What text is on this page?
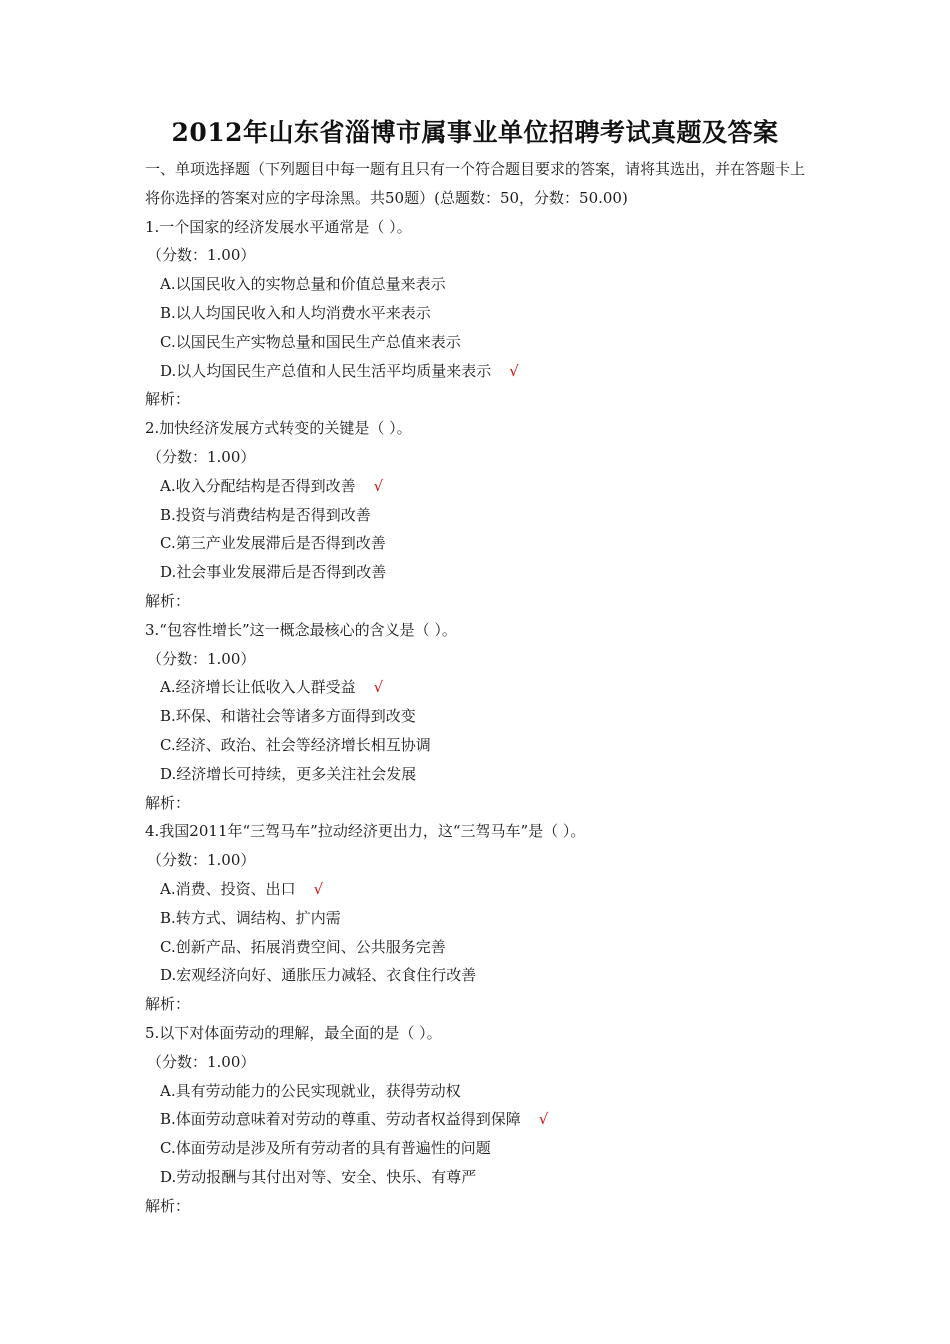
2012年山东省淄博市属事业单位招聘考试真题及答案
一、单项选择题（下列题目中每一题有且只有一个符合题目要求的答案，请将其选出，并在答题卡上将你选择的答案对应的字母涂黑。共50题）(总题数：50，分数：50.00)
1.一个国家的经济发展水平通常是（ ）。
（分数：1.00）
A.以国民收入的实物总量和价值总量来表示
B.以人均国民收入和人均消费水平来表示
C.以国民生产实物总量和国民生产总值来表示
D.以人均国民生产总值和人民生活平均质量来表示 √
解析：
2.加快经济发展方式转变的关键是（ ）。
（分数：1.00）
A.收入分配结构是否得到改善 √
B.投资与消费结构是否得到改善
C.第三产业发展滞后是否得到改善
D.社会事业发展滞后是否得到改善
解析：
3.“包容性增长”这一概念最核心的含义是（ ）。
（分数：1.00）
A.经济增长让低收入人群受益 √
B.环保、和谐社会等诸多方面得到改变
C.经济、政治、社会等经济增长相互协调
D.经济增长可持续，更多关注社会发展
解析：
4.我国2011年“三驾马车”拉动经济更出力，这“三驾马车”是（ ）。
（分数：1.00）
A.消费、投资、出口 √
B.转方式、调结构、扩内需
C.创新产品、拓展消费空间、公共服务完善
D.宏观经济向好、通胀压力减轻、衣食住行改善
解析：
5.以下对体面劳动的理解，最全面的是（ ）。
（分数：1.00）
A.具有劳动能力的公民实现就业，获得劳动权
B.体面劳动意味着对劳动的尊重、劳动者权益得到保障 √
C.体面劳动是涉及所有劳动者的具有普遍性的问题
D.劳动报酬与其付出对等、安全、快乐、有尊严
解析：
